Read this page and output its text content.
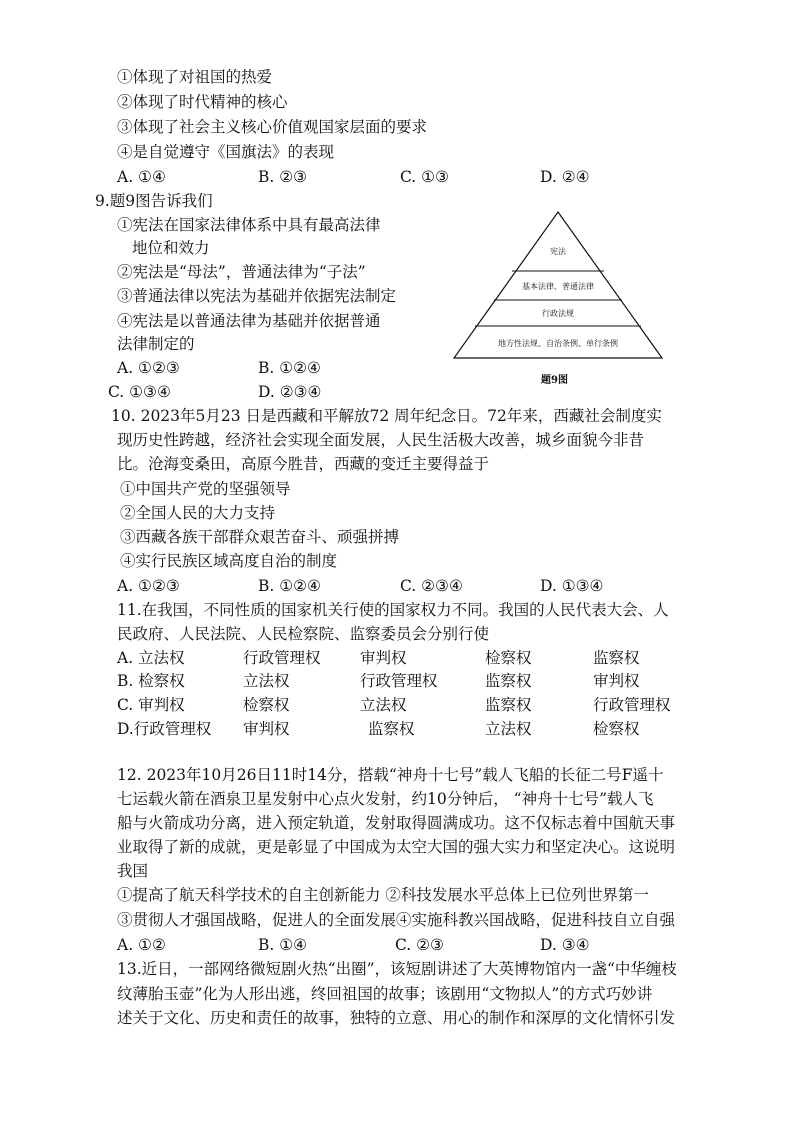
①体现了对祖国的热爱
②体现了时代精神的核心
③体现了社会主义核心价值观国家层面的要求
④是自觉遵守《国旗法》的表现
A. ①④	B. ②③	C. ①③	D. ②④
9.题9图告诉我们
①宪法在国家法律体系中具有最高法律
地位和效力
②宪法是“母法”，普通法律为“子法”
③普通法律以宪法为基础并依据宪法制定
④宪法是以普通法律为基础并依据普通
法律制定的
A. ①②③	B. ①②④
C. ①③④	D. ②③④
宪法
基本法律、普通法律
行政法规
地方性法规、自治条例、单行条例
题9图
10. 2023年5月23 日是西藏和平解放72 周年纪念日。72年来，西藏社会制度实
现历史性跨越，经济社会实现全面发展，人民生活极大改善，城乡面貌今非昔
比。沧海变桑田，高原今胜昔，西藏的变迁主要得益于
①中国共产党的坚强领导
②全国人民的大力支持
③西藏各族干部群众艰苦奋斗、顽强拼搏
④实行民族区域高度自治的制度
A. ①②③	B. ①②④	C. ②③④	D. ①③④
11.在我国，不同性质的国家机关行使的国家权力不同。我国的人民代表大会、人
民政府、人民法院、人民检察院、监察委员会分别行使
A. 立法权	行政管理权	审判权	检察权	监察权
B. 检察权	立法权	行政管理权	监察权	审判权
C. 审判权	检察权	立法权	监察权	行政管理权
D.行政管理权 审判权	监察权	立法权	检察权
12. 2023年10月26日11时14分，搭载“神舟十七号”载人飞船的长征二号F遥十
七运载火箭在酒泉卫星发射中心点火发射，约10分钟后， “神舟十七号”载人飞
船与火箭成功分离，进入预定轨道，发射取得圆满成功。这不仅标志着中国航天事
业取得了新的成就，更是彰显了中国成为太空大国的强大实力和坚定决心。这说明
我国
①提高了航天科学技术的自主创新能力 ②科技发展水平总体上已位列世界第一
③贯彻人才强国战略，促进人的全面发展④实施科教兴国战略，促进科技自立自强
A. ①②	B. ①④	C. ②③	D. ③④
13.近日，一部网络微短剧火热“出圈”，该短剧讲述了大英博物馆内一盏“中华缠枝
纹薄胎玉壶”化为人形出逃，终回祖国的故事；该剧用“文物拟人”的方式巧妙讲
述关于文化、历史和责任的故事，独特的立意、用心的制作和深厚的文化情怀引发
